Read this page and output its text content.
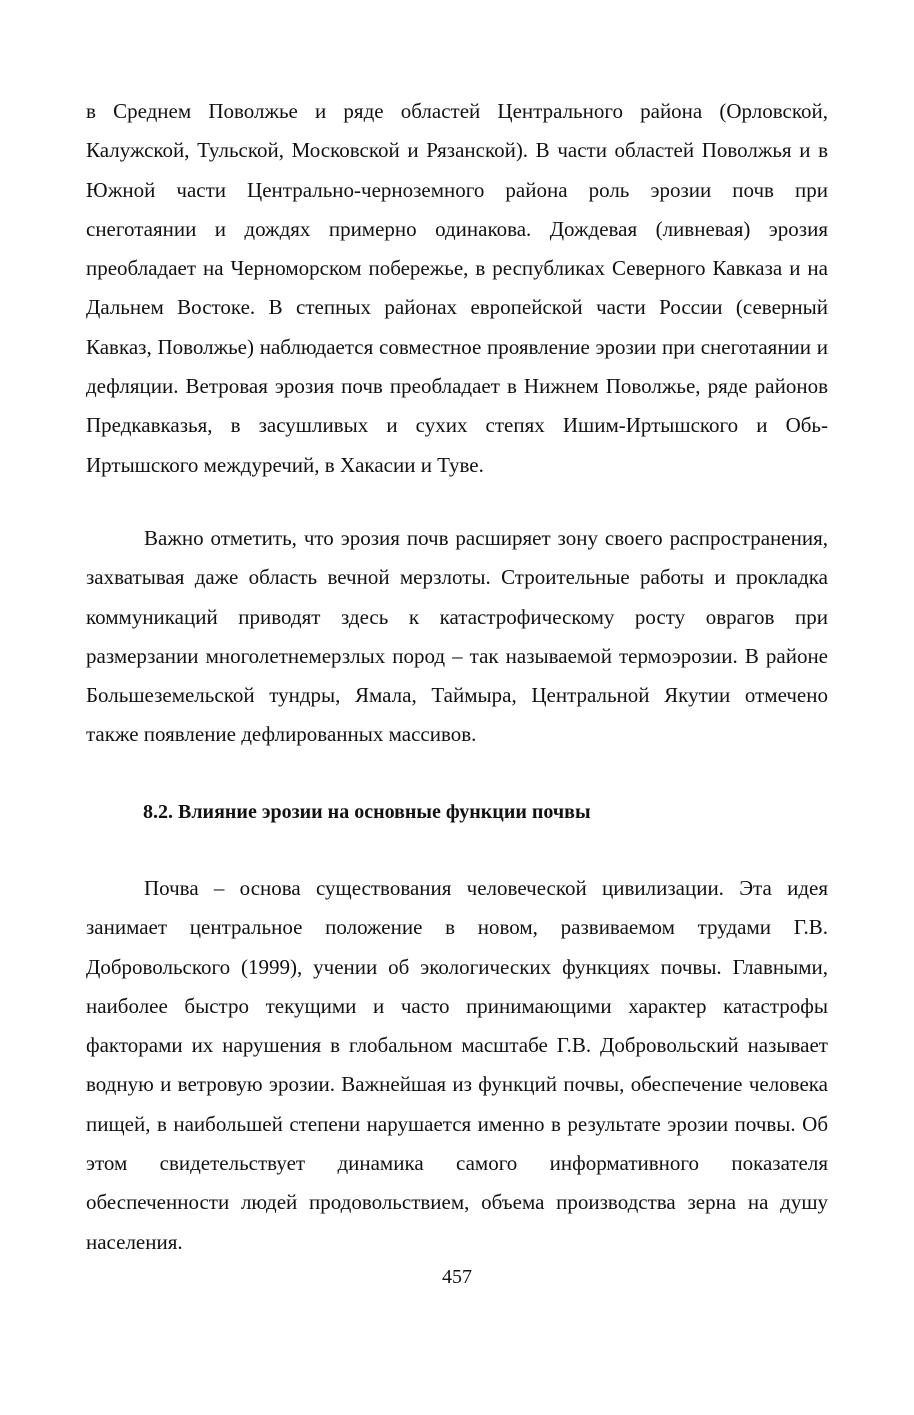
в Среднем Поволжье и ряде областей Центрального района (Орловской, Калужской, Тульской, Московской и Рязанской). В части областей Поволжья и в Южной части Центрально-черноземного района роль эрозии почв при снеготаянии и дождях примерно одинакова. Дождевая (ливневая) эрозия преобладает на Черноморском побережье, в республиках Северного Кавказа и на Дальнем Востоке. В степных районах европейской части России (северный Кавказ, Поволжье) наблюдается совместное проявление эрозии при снеготаянии и дефляции. Ветровая эрозия почв преобладает в Нижнем Поволжье, ряде районов Предкавказья, в засушливых и сухих степях Ишим-Иртышского и Обь-Иртышского междуречий, в Хакасии и Туве.

Важно отметить, что эрозия почв расширяет зону своего распространения, захватывая даже область вечной мерзлоты. Строительные работы и прокладка коммуникаций приводят здесь к катастрофическому росту оврагов при размерзании многолетнемерзлых пород – так называемой термоэрозии. В районе Большеземельской тундры, Ямала, Таймыра, Центральной Якутии отмечено также появление дефлированных массивов.

8.2. Влияние эрозии на основные функции почвы

Почва – основа существования человеческой цивилизации. Эта идея занимает центральное положение в новом, развиваемом трудами Г.В. Добровольского (1999), учении об экологических функциях почвы. Главными, наиболее быстро текущими и часто принимающими характер катастрофы факторами их нарушения в глобальном масштабе Г.В. Добровольский называет водную и ветровую эрозии. Важнейшая из функций почвы, обеспечение человека пищей, в наибольшей степени нарушается именно в результате эрозии почвы. Об этом свидетельствует динамика самого информативного показателя обеспеченности людей продовольствием, объема производства зерна на душу населения.

457
